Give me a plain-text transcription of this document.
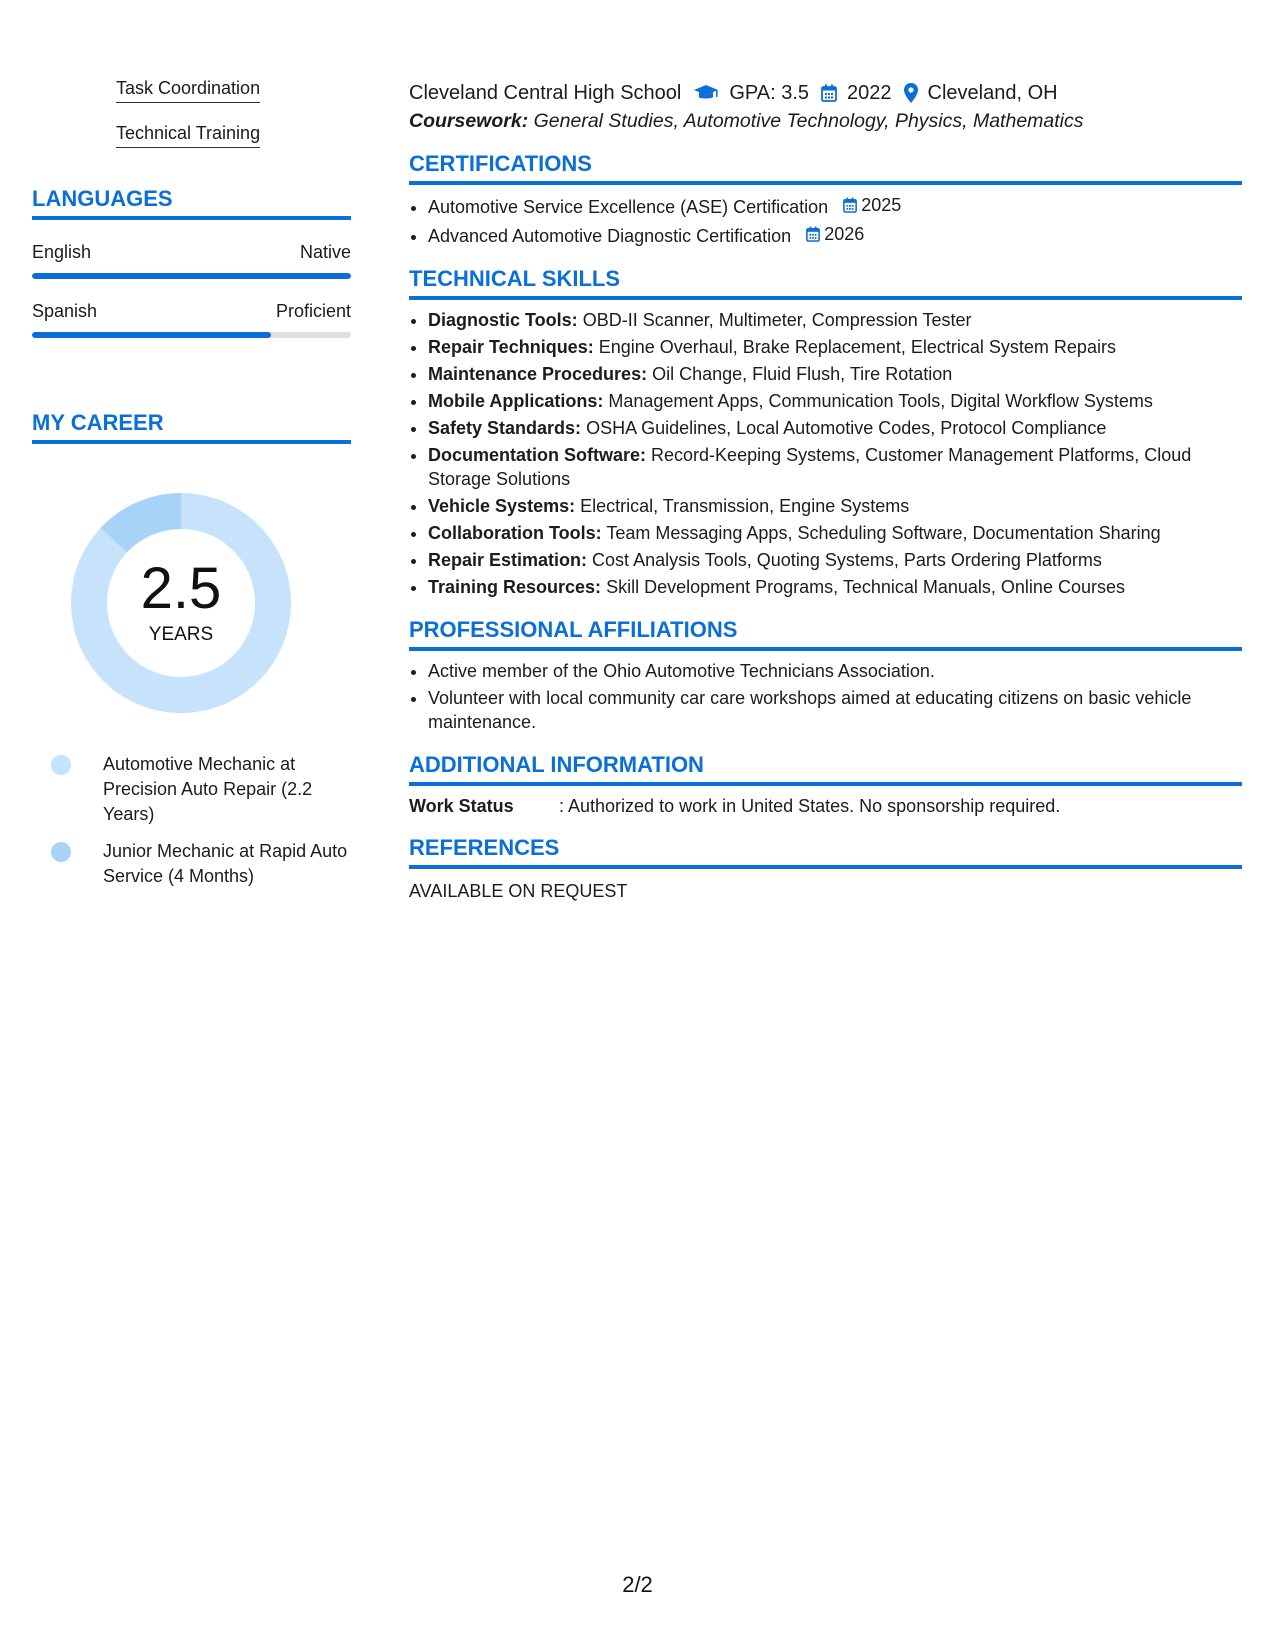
Task Coordination
Technical Training
LANGUAGES
English	Native
Spanish	Proficient
MY CAREER
2.5
YEARS
Automotive Mechanic at Precision Auto Repair (2.2 Years)
Junior Mechanic at Rapid Auto Service (4 Months)
Cleveland Central High School GPA: 3.5 2022 Cleveland, OH
Coursework: General Studies, Automotive Technology, Physics, Mathematics
CERTIFICATIONS
• Automotive Service Excellence (ASE) Certification 2025
• Advanced Automotive Diagnostic Certification 2026
TECHNICAL SKILLS
• Diagnostic Tools: OBD-II Scanner, Multimeter, Compression Tester
• Repair Techniques: Engine Overhaul, Brake Replacement, Electrical System Repairs
• Maintenance Procedures: Oil Change, Fluid Flush, Tire Rotation
• Mobile Applications: Management Apps, Communication Tools, Digital Workflow Systems
• Safety Standards: OSHA Guidelines, Local Automotive Codes, Protocol Compliance
• Documentation Software: Record-Keeping Systems, Customer Management Platforms, Cloud Storage Solutions
• Vehicle Systems: Electrical, Transmission, Engine Systems
• Collaboration Tools: Team Messaging Apps, Scheduling Software, Documentation Sharing
• Repair Estimation: Cost Analysis Tools, Quoting Systems, Parts Ordering Platforms
• Training Resources: Skill Development Programs, Technical Manuals, Online Courses
PROFESSIONAL AFFILIATIONS
• Active member of the Ohio Automotive Technicians Association.
• Volunteer with local community car care workshops aimed at educating citizens on basic vehicle maintenance.
ADDITIONAL INFORMATION
Work Status	: Authorized to work in United States. No sponsorship required.
REFERENCES
AVAILABLE ON REQUEST
2/2
